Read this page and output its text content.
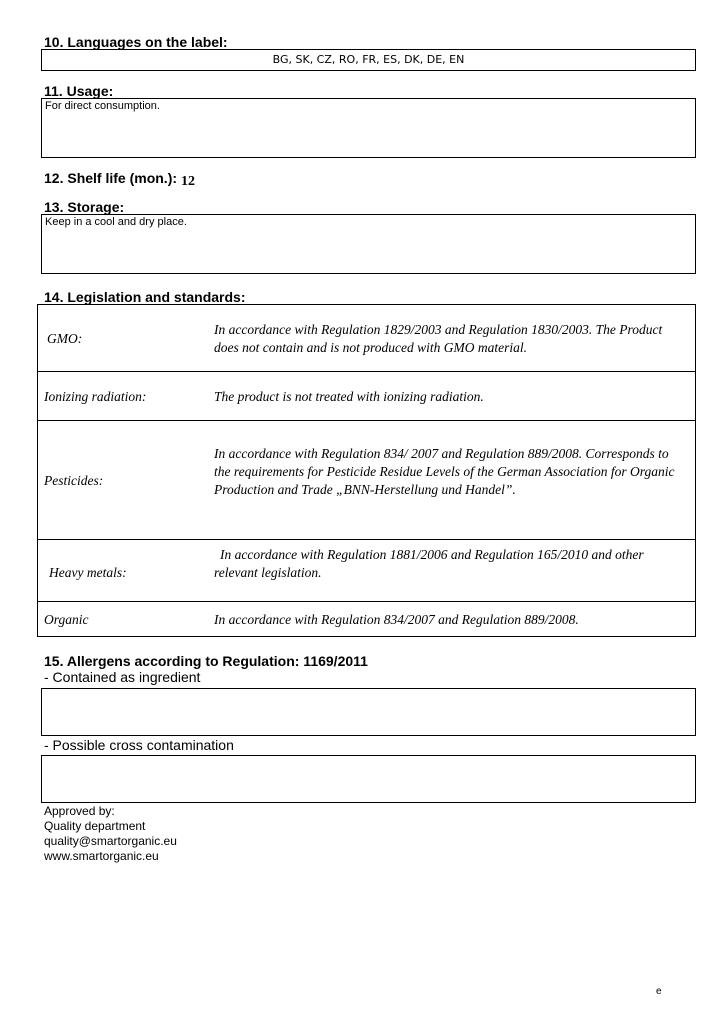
10. Languages on the label:
BG, SK, CZ, RO, FR, ES, DK, DE, EN
11. Usage:
For direct consumption.
12. Shelf life (mon.): 12
13. Storage:
Keep in a cool and dry place.
14. Legislation and standards:
GMO:
In accordance with Regulation 1829/2003 and Regulation 1830/2003. The Product does not contain and is not produced with GMO material.
Ionizing radiation:	The product is not treated with ionizing radiation.
Pesticides:
In accordance with Regulation 834/ 2007 and Regulation 889/2008. Corresponds to the requirements for Pesticide Residue Levels of the German Association for Organic Production and Trade „BNN-Herstellung und Handel”.
Heavy metals:
In accordance with Regulation 1881/2006 and Regulation 165/2010 and other relevant legislation.
Organic	In accordance with Regulation 834/2007 and Regulation 889/2008.
15. Allergens according to Regulation: 1169/2011
- Contained as ingredient
- Possible cross contamination
Approved by:
Quality department
quality@smartorganic.eu
www.smartorganic.eu
e
